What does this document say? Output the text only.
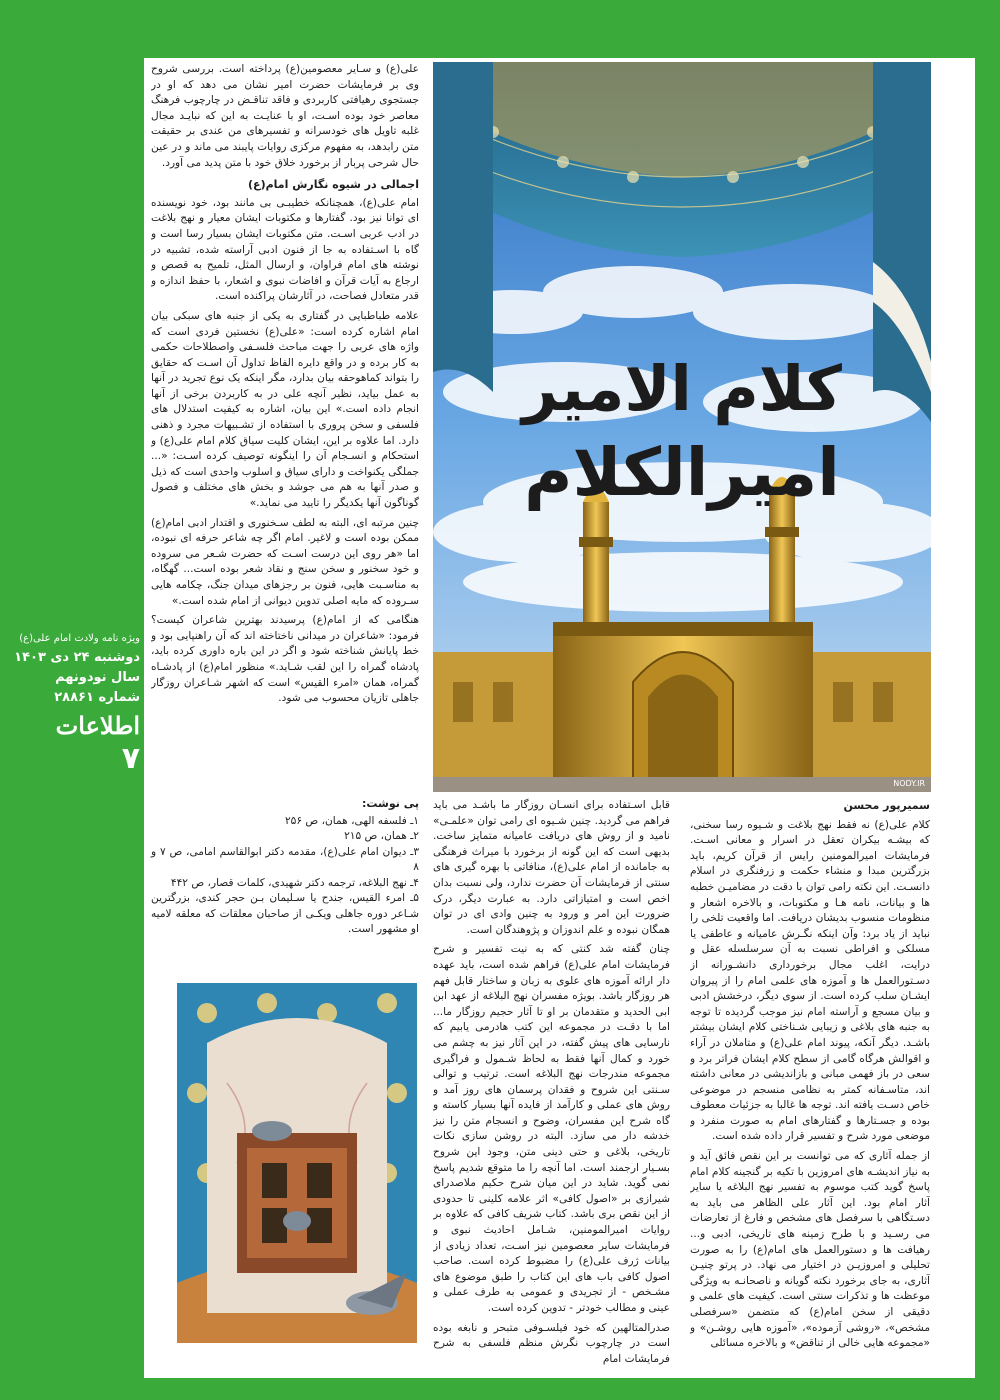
ویژه نامه ولادت امام علی(ع)
دوشنبه ۲۴ دی ۱۴۰۳
سال نودونهم
شماره ۲۸۸۶۱
اطلاعات
۷

علی(ع) و سـایر معصومین(ع) پرداخته است. بررسی شروح وی بر فرمایشات حضرت امیر نشان می دهد که او در جستجوی رهیافتی کاربردی و فاقد تناقـض در چارچوب فرهنگ معاصر خود بوده اسـت، او با عنایـت به این که نبایـد مجال غلبه تاویل های خودسرانه و تفسیرهای من عندی بر حقیقت متن رابدهد، به مفهوم مرکزی روایات پایبند می ماند و در عین حال شرحی پربار از برخورد خلاق خود با متن پدید می آورد.

اجمالی در شیوه نگارش امام(ع)

امام علی(ع)، همچنانکه خطیبـی بی مانند بود، خود نویسنده ای توانا نیز بود. گفتارها و مکتوبات ایشان معیار و نهج بلاغت در ادب عربی اسـت. متن مکتوبات ایشان بسیار رسا است و گاه با اسـتفاده به جا از فنون ادبی آراسته شده، تشبیه در نوشته های امام فراوان، و ارسال المثل، تلمیح به قصص و ارجاع به آیات قرآن و افاضات نبوی و اشعار، با حفظ اندازه و قدر متعادل فصاحت، در آثارشان پراکنده است.

علامه طباطبایی در گفتاری به یکی از جنبه های سبکی بیان امام اشاره کرده است: «علی(ع) نخستین فردی است که واژه های عربی را جهت مباحث فلسـفی واصطلاحات حکمی به کار برده و در واقع دایره الفاظ تداول آن اسـت که حقایق را بتواند کماهوحقه بیان بدارد، مگر اینکه یک نوع تجرید در آنها به عمل بیاید، نظیر آنچه علی در به کاربردن برخی از آنها انجام داده است.» این بیان، اشاره به کیفیت استدلال های فلسفی و سخن پروری با استفاده از تشـبیهات مجرد و ذهنی دارد. اما علاوه بر این، ایشان کلیت سیاق کلام امام علی(ع) و استحکام و انسـجام آن را اینگونه توصیف کرده اسـت: «... جملگی یکنواخت و دارای سیاق و اسلوب واحدی است که ذیل و صدر آنها به هم می جوشد و بخش های مختلف و فصول گوناگون آنها یکدیگر را تایید می نماید.»

چنین مرتبه ای، البته به لطف سـخنوری و اقتدار ادبی امام(ع) ممکن بوده است و لاغیر. امام اگر چه شاعر حرفه ای نبوده، اما «هر روی این درست اسـت که حضرت شـعر می سروده و خود سخنور و سخن سنج و نقاد شعر بوده است... گهگاه، به مناسـبت هایی، فنون بر رجزهای میدان جنگ، چکامه هایی سـروده که مایه اصلی تدوین دیوانی از امام شده است.»

هنگامی که از امام(ع) پرسیدند بهترین شاعران کیست؟ فرمود: «شاعران در میدانی ناختاخته اند که آن راهنپایی بود و خط پایانش شناخته شود و اگر در این باره داوری کرده باید، پادشاه گمراه را این لقب شـاید.» منظور امام(ع) از پادشـاه گمراه، همان «امرء القیس» است که اشهر شـاعران روزگار جاهلی تازیان محسوب می شود.

کلام الامیر
امیرالکلام
NODY.IR
پی نوشت:

۱ـ فلسفه الهی، همان، ص ۲۵۶

۲ـ همان، ص ۲۱۵

۳ـ دیوان امام علی(ع)، مقدمه دکتر ابوالقاسم امامی، ص ۷ و ۸

۴ـ نهج البلاغه، ترجمه دکتر شهیدی، کلمات قصار، ص ۴۴۲

۵ـ امرء القیس، جندح یا سـلیمان بـن حجر کندی، بزرگترین شـاعر دوره جاهلی ویکـی از صاحبان معلقات که معلقه لامیه او مشهور است.

قابل اسـتفاده برای انسـان روزگار ما باشـد می باید فراهم می گردید. چنین شـیوه ای رامی توان «علمـی» نامید و از روش های دریافت عامیانه متمایز ساخت. بدیهی است که این گونه از برخورد با میراث فرهنگی به جامانده از امام علی(ع)، منافاتی با بهره گیری های سنتی از فرمایشات آن حضرت ندارد، ولی نسبت بدان اخص است و امتیازاتی دارد. به عبارت دیگر، درک ضرورت این امر و ورود به چنین وادی ای در توان همگان نبوده و علم اندوزان و پژوهندگان است.

چنان گفته شد کنتی که به نیت تفسیر و شرح فرمایشات امام علی(ع) فراهم شده است، باید عهده دار ارائه آموزه های علوی به زبان و ساختار قابل فهم هر روزگار باشد. بویژه مفسران نهج البلاغه از عهد ابن ابی الحدید و متقدمان بر او تا آثار حجیم روزگار ما... اما با دقـت در مجموعه این کتب هادرمی یابیم که نارسایی های پیش گفته، در این آثار نیز به چشم می خورد و کمال آنها فقط به لحاظ شـمول و فراگیری مجموعه مندرجات نهج البلاغه است. ترتیب و توالی سـنتی این شروح و فقدان پرسمان های روز آمد و روش های عملی و کارآمد از فایده آنها بسیار کاسته و گاه شرح این مفسران، وضوح و انسجام متن را نیز خدشه دار می سازد. البته در روشن سازی نکات تاریخی، بلاغی و حتی دینی متن، وجود این شروح بسـیار ارجمند است. اما آنچه را ما متوقع شدیم پاسخ نمی گوید. شاید در این میان شرح حکیم ملاصدرای شیرازی بر «اصول کافی» اثر علامه کلینی تا حدودی از این نقص بری باشد. کتاب شریف کافی که علاوه بر روایات امیرالمومنین، شـامل احادیث نبوی و فرمایشات سایر معصومین نیز اسـت، تعداد زیادی از بیانات ژرف علی(ع) را مضبوط کرده است. صاحب اصول کافی باب های این کتاب را طبق موضوع های مشـخص - از تجریدی و عمومی به طرف عملی و عینی و مطالب خودتر - تدوین کرده است.

صدرالمتالهین که خود فیلسـوفی متبحر و نابغه بوده است در چارچوب نگرش منظم فلسفی به شرح فرمایشات امام

سمیرپور محسن

کلام علی(ع) نه فقط نهج بلاغت و شـیوه رسا سخنی، که بیشـه بیکران تعقل در اسرار و معانی اسـت. فرمایشات امیرالمومنین رایس از قرآن کریم، باید بزرگترین مبدا و منشاء حکمت و زرفنگری در اسلام دانسـت. این نکته رامی توان با دقت در مضامیـن خطبه ها و بیانات، نامه هـا و مکتوبات، و بالاخره اشعار و منظومات منسوب بدیشان دریافت. اما واقعیت تلخی را نباید از یاد برد: وآن اینکه نگـرش عامیانه و عاطفی یا مسلکی و افراطی نسبت به آن سرسلسله عقل و درایت، اغلب مجال برخورداری دانشـورانه از دسـتورالعمل ها و آموزه های علمی امام را از پیروان ایشـان سلب کرده است. از سوی دیگر، درخشش ادبی و بیان مسجع و آراسته امام نیز موجب گردیده تا توجه به جنبه های بلاغی و زیبایی شـناختی کلام ایشان بیشتر باشـد. دیگر آنکه، پیوند امام علی(ع) و متاملان در آراء و اقوالش هرگاه گامی از سطح کلام ایشان فراتر برد و سعی در باز فهمی مبانی و بازاندیشی در معانی داشته اند، متاسـفانه کمتر به نظامی منسجم در موضوعی خاص دسـت یافته اند. توجه ها غالبا به جزئیات معطوف بوده و جسـتارها و گفتارهای امام به صورت منفرد و موضعی مورد شرح و تفسیر قرار داده شده است.

از جمله آثاری که می توانست بر این نقص فائق آید و به نیاز اندیشـه های امروزین با تکیه بر گنجینه کلام امام پاسخ گوید کتب موسوم به تفسیر نهج البلاغه یا سایر آثار امام بود. این آثار علی الظاهر می باید به دسـتگاهی با سرفصل های مشخص و فارغ از تعارضات می رسـید و با طرح زمینه های تاریخی، ادبی و... رهیافت ها و دستورالعمل های امام(ع) را به صورت تحلیلی و امروزیـن در اختیار می نهاد. در پرتو چنیـن آثاری، به جای برخورد نکته گویانه و ناصحانـه به ویژگی موعظت ها و تذکرات سنتی است. کیفیت های علمی و دقیقی از سخن امام(ع) که متضمن «سرفصلی مشخص»، «روشی آزموده»، «آموزه هایی روشـن» و «مجموعه هایی خالی از تناقض» و بالاخره مسائلی
